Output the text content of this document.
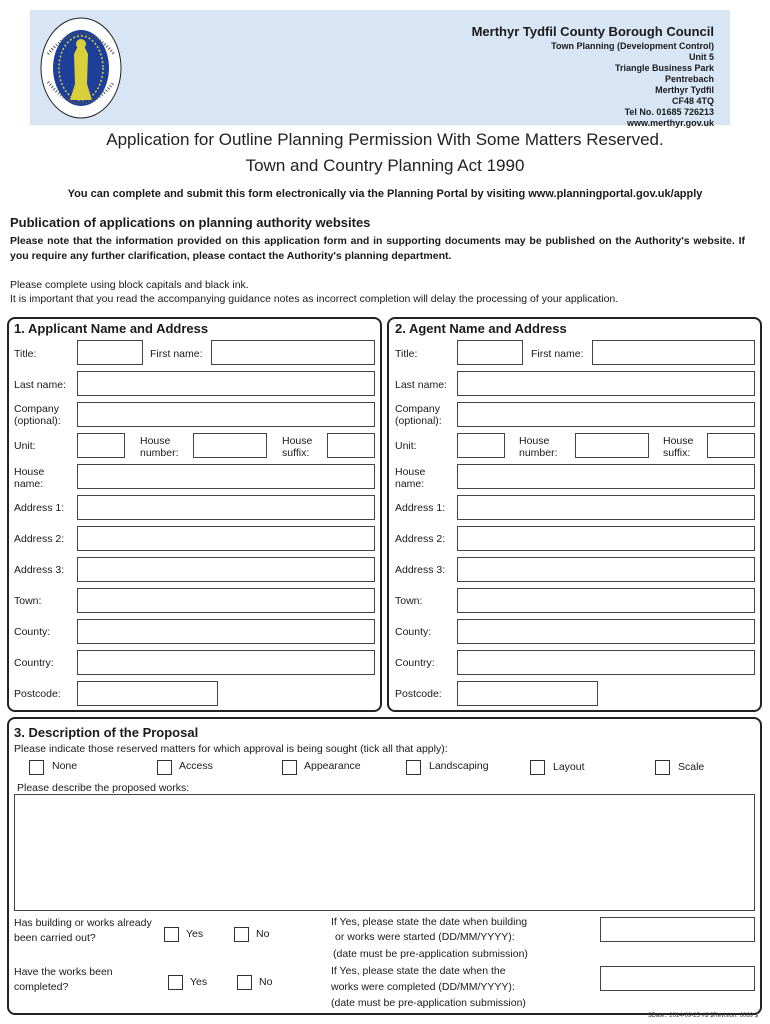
Merthyr Tydfil County Borough Council
Town Planning (Development Control)
Unit 5
Triangle Business Park
Pentrebach
Merthyr Tydfil
CF48 4TQ
Tel No. 01685 726213
www.merthyr.gov.uk
Application for Outline Planning Permission With Some Matters Reserved.
Town and Country Planning Act 1990
You can complete and submit this form electronically via the Planning Portal by visiting www.planningportal.gov.uk/apply
Publication of applications on planning authority websites
Please note that the information provided on this application form and in supporting documents may be published on the Authority's website. If you require any further clarification, please contact the Authority's planning department.
Please complete using block capitals and black ink.
It is important that you read the accompanying guidance notes as incorrect completion will delay the processing of your application.
1. Applicant Name and Address
Title:	First name:
Last name:
Company (optional):
Unit:	House number:
House suffix:
House name:
Address 1:
Address 2:
Address 3:
Town:
County:
Country:
Postcode:
2. Agent Name and Address
Title:	First name:
Last name:
Company (optional):
Unit:	House number:
House suffix:
House name:
Address 1:
Address 2:
Address 3:
Town:
County:
Country:
Postcode:
3. Description of the Proposal
Please indicate those reserved matters for which approval is being sought (tick all that apply):
None	Access	Appearance	Landscaping	Layout	Scale
Please describe the proposed works:
Has building or works already been carried out?	Yes	No
If Yes, please state the date when building
or works were started (DD/MM/YYYY):
(date must be pre-application submission)
Have the works been completed?	Yes	No
If Yes, please state the date when the
works were completed (DD/MM/YYYY):
(date must be pre-application submission)
$Date:: 2014-09-25 #$ $Revision: 6089 $
